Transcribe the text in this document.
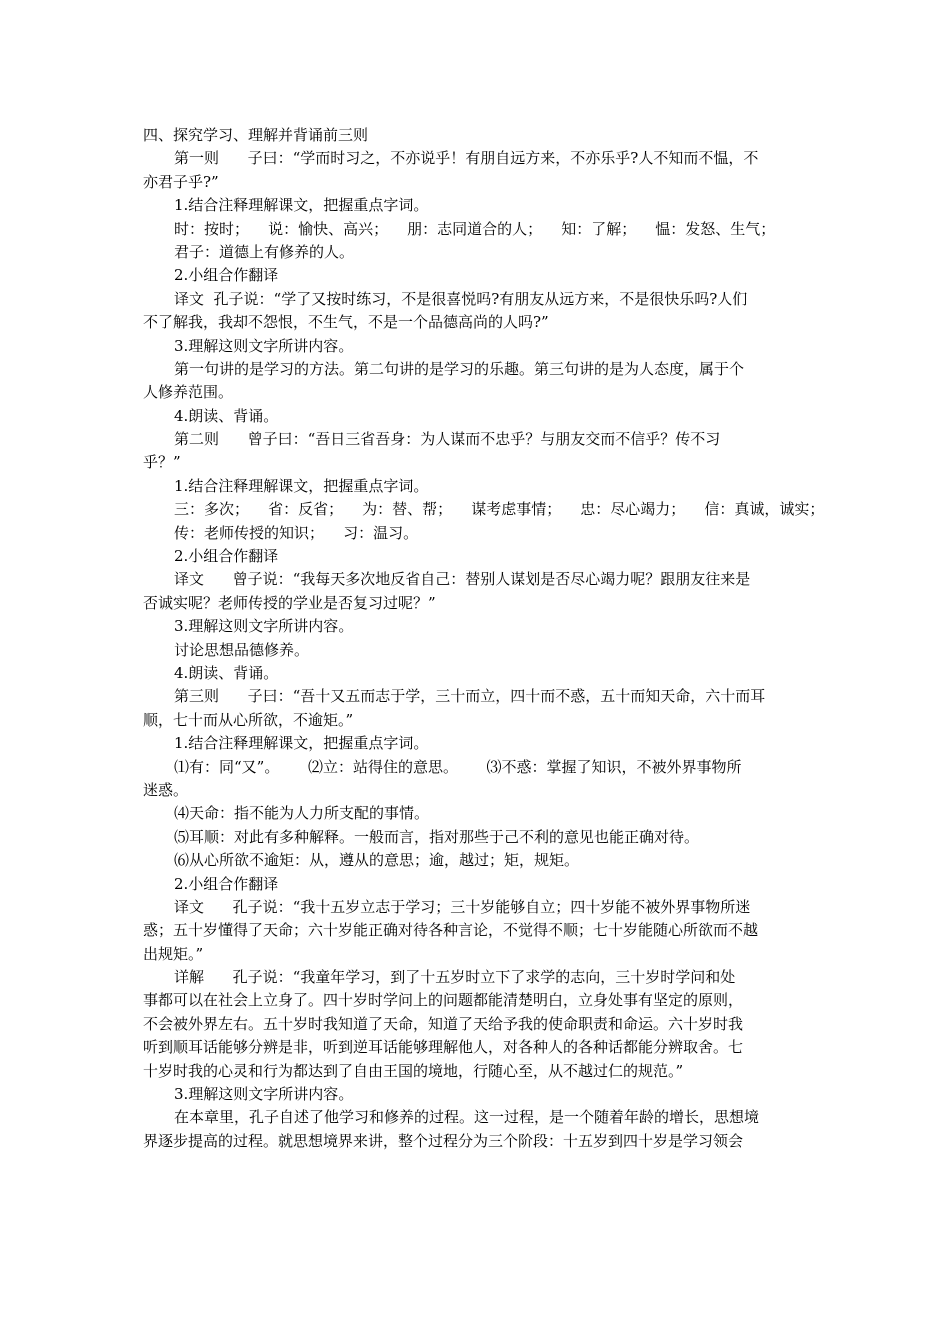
四、探究学习、理解并背诵前三则
第一则      子曰：“学而时习之，不亦说乎！有朋自远方来，不亦乐乎?人不知而不愠，不
亦君子乎?”
1.结合注释理解课文，把握重点字词。
时：按时；    说：愉快、高兴；    朋：志同道合的人；    知：了解；    愠：发怒、生气；
君子：道德上有修养的人。
2.小组合作翻译
译文  孔子说：“学了又按时练习，不是很喜悦吗?有朋友从远方来，不是很快乐吗?人们
不了解我，我却不怨恨，不生气，不是一个品德高尚的人吗?”
3.理解这则文字所讲内容。
第一句讲的是学习的方法。第二句讲的是学习的乐趣。第三句讲的是为人态度，属于个
人修养范围。
4.朗读、背诵。
第二则      曾子曰：“吾日三省吾身：为人谋而不忠乎？与朋友交而不信乎？传不习
乎？”
1.结合注释理解课文，把握重点字词。
三：多次；    省：反省；    为：替、帮；    谋考虑事情；    忠：尽心竭力；    信：真诚，诚实；
传：老师传授的知识；    习：温习。
2.小组合作翻译
译文      曾子说：“我每天多次地反省自己：替别人谋划是否尽心竭力呢？跟朋友往来是
否诚实呢？老师传授的学业是否复习过呢？”
3.理解这则文字所讲内容。
讨论思想品德修养。
4.朗读、背诵。
第三则      子曰：“吾十又五而志于学，三十而立，四十而不惑，五十而知天命，六十而耳
顺，七十而从心所欲，不逾矩。”
1.结合注释理解课文，把握重点字词。
⑴有：同“又”。      ⑵立：站得住的意思。      ⑶不惑：掌握了知识，不被外界事物所
迷惑。
⑷天命：指不能为人力所支配的事情。
⑸耳顺：对此有多种解释。一般而言，指对那些于己不利的意见也能正确对待。
⑹从心所欲不逾矩：从，遵从的意思；逾，越过；矩，规矩。
2.小组合作翻译
译文      孔子说：“我十五岁立志于学习；三十岁能够自立；四十岁能不被外界事物所迷
惑；五十岁懂得了天命；六十岁能正确对待各种言论，不觉得不顺；七十岁能随心所欲而不越
出规矩。”
详解      孔子说：“我童年学习，到了十五岁时立下了求学的志向，三十岁时学问和处
事都可以在社会上立身了。四十岁时学问上的问题都能清楚明白，立身处事有坚定的原则，
不会被外界左右。五十岁时我知道了天命，知道了天给予我的使命职责和命运。六十岁时我
听到顺耳话能够分辨是非，听到逆耳话能够理解他人，对各种人的各种话都能分辨取舍。七
十岁时我的心灵和行为都达到了自由王国的境地，行随心至，从不越过仁的规范。”
3.理解这则文字所讲内容。
在本章里，孔子自述了他学习和修养的过程。这一过程，是一个随着年龄的增长，思想境
界逐步提高的过程。就思想境界来讲，整个过程分为三个阶段：十五岁到四十岁是学习领会
